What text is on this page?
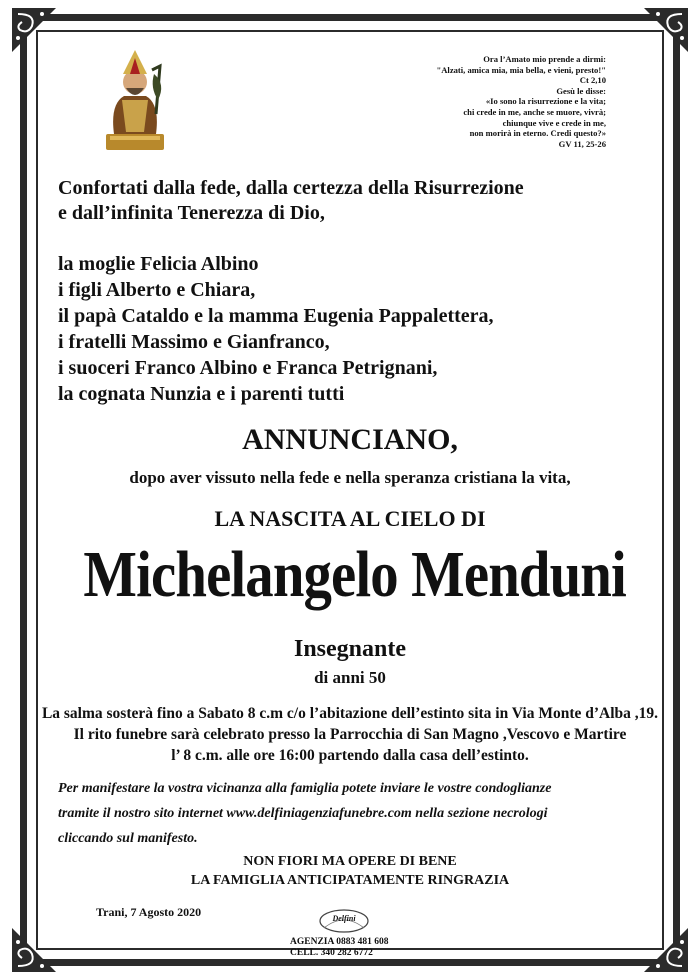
Ora l’Amato mio prende a dirmi:
"Alzati, amica mia, mia bella, e vieni, presto!"
Ct 2,10
Gesù le disse:
«Io sono la risurrezione e la vita;
chi crede in me, anche se muore, vivrà;
chiunque vive e crede in me,
non morirà in eterno. Credi questo?»
GV 11, 25-26
Confortati dalla fede, dalla certezza della Risurrezione
e dall’infinita Tenerezza di Dio,
la moglie Felicia Albino
i figli Alberto e Chiara,
il papà Cataldo e la mamma Eugenia Pappalettera,
i fratelli Massimo e Gianfranco,
i suoceri Franco Albino e Franca Petrignani,
la cognata Nunzia e i parenti tutti
ANNUNCIANO,
dopo aver vissuto nella fede e nella speranza cristiana la vita,
LA NASCITA AL CIELO DI
Michelangelo Menduni
Insegnante
di anni 50
La salma sosterà fino a Sabato 8 c.m c/o l’abitazione dell’estinto sita in Via Monte d’Alba ,19.
Il rito funebre sarà celebrato presso la Parrocchia di San Magno ,Vescovo e Martire
l’ 8 c.m. alle ore 16:00 partendo dalla casa dell’estinto.
Per manifestare la vostra vicinanza alla famiglia potete inviare le vostre condoglianze
tramite il nostro sito internet www.delfiniagenziafunebre.com nella sezione necrologi
cliccando sul manifesto.
NON FIORI MA OPERE DI BENE
LA FAMIGLIA ANTICIPATAMENTE RINGRAZIA
Trani, 7 Agosto 2020	Delfini
AGENZIA 0883 481 608
CELL. 340 282 6772
